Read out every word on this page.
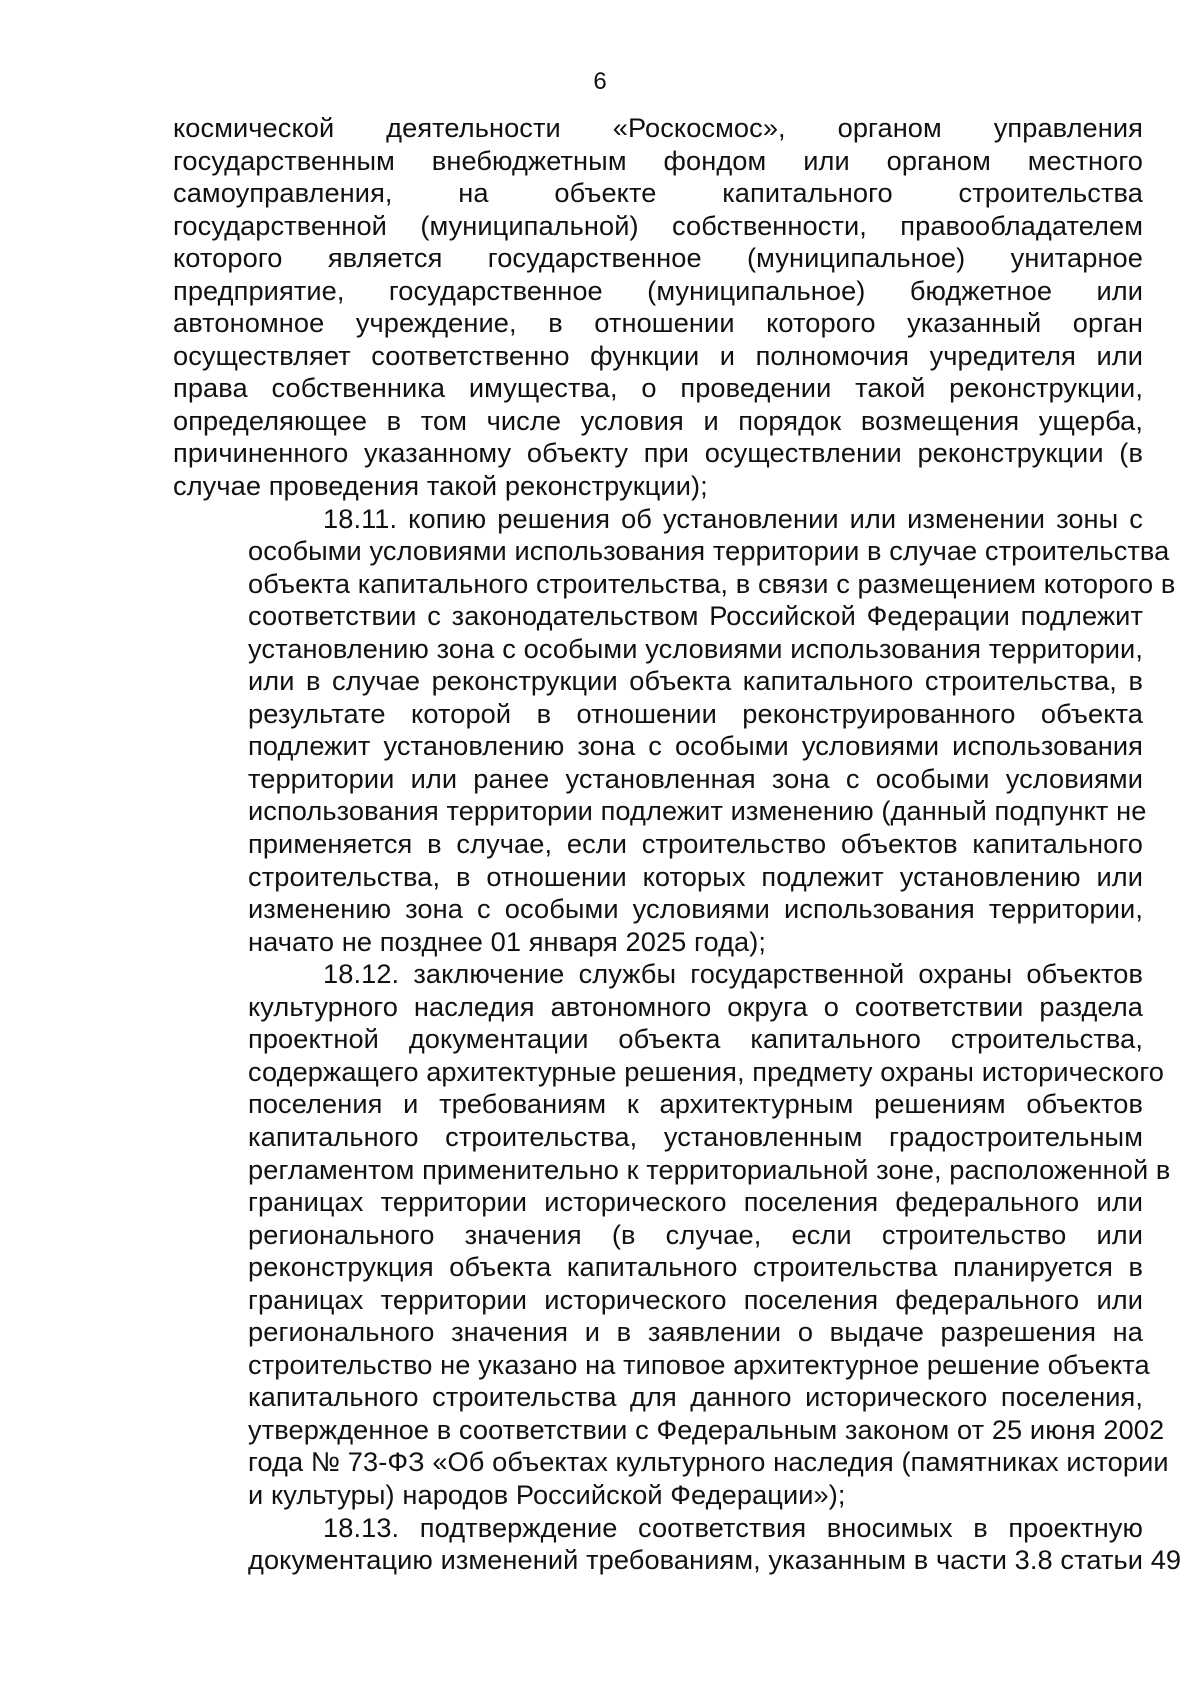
6
космической деятельности «Роскосмос», органом управления
государственным внебюджетным фондом или органом местного
самоуправления, на объекте капитального строительства
государственной (муниципальной) собственности, правообладателем
которого является государственное (муниципальное) унитарное
предприятие, государственное (муниципальное) бюджетное или
автономное учреждение, в отношении которого указанный орган
осуществляет соответственно функции и полномочия учредителя или
права собственника имущества, о проведении такой реконструкции,
определяющее в том числе условия и порядок возмещения ущерба,
причиненного указанному объекту при осуществлении реконструкции (в
случае проведения такой реконструкции);
18.11. копию решения об установлении или изменении зоны с
особыми условиями использования территории в случае строительства
объекта капитального строительства, в связи с размещением которого в
соответствии с законодательством Российской Федерации подлежит
установлению зона с особыми условиями использования территории,
или в случае реконструкции объекта капитального строительства, в
результате которой в отношении реконструированного объекта
подлежит установлению зона с особыми условиями использования
территории или ранее установленная зона с особыми условиями
использования территории подлежит изменению (данный подпункт не
применяется в случае, если строительство объектов капитального
строительства, в отношении которых подлежит установлению или
изменению зона с особыми условиями использования территории,
начато не позднее 01 января 2025 года);
18.12. заключение службы государственной охраны объектов
культурного наследия автономного округа о соответствии раздела
проектной документации объекта капитального строительства,
содержащего архитектурные решения, предмету охраны исторического
поселения и требованиям к архитектурным решениям объектов
капитального строительства, установленным градостроительным
регламентом применительно к территориальной зоне, расположенной в
границах территории исторического поселения федерального или
регионального значения (в случае, если строительство или
реконструкция объекта капитального строительства планируется в
границах территории исторического поселения федерального или
регионального значения и в заявлении о выдаче разрешения на
строительство не указано на типовое архитектурное решение объекта
капитального строительства для данного исторического поселения,
утвержденное в соответствии с Федеральным законом от 25 июня 2002
года № 73-ФЗ «Об объектах культурного наследия (памятниках истории
и культуры) народов Российской Федерации»);
18.13. подтверждение соответствия вносимых в проектную
документацию изменений требованиям, указанным в части 3.8 статьи 49
